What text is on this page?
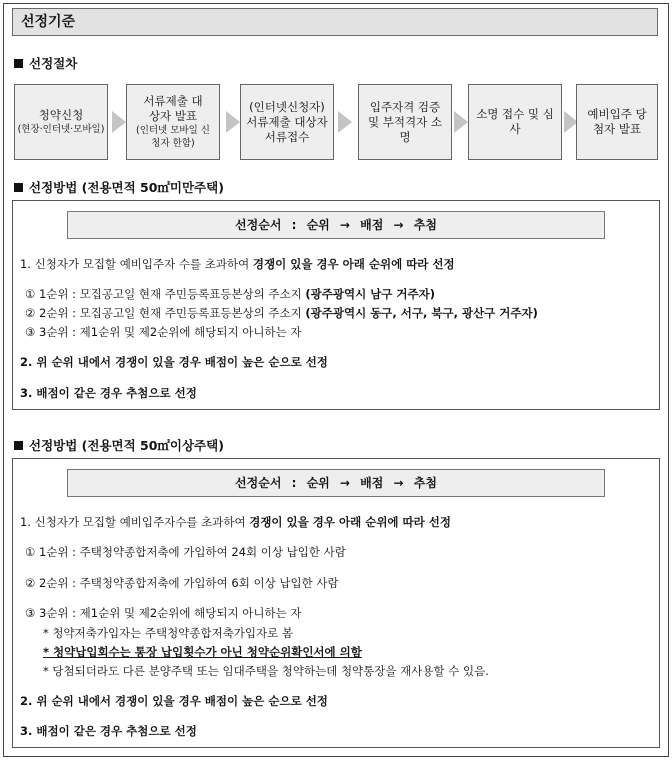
선정기준
선정절차
청약신청
(현장·인터넷·모바일)
서류제출 대상자 발표
(인터넷 모바일 신청자 한함)
(인터넷신청자) 서류제출 대상자 서류접수
입주자격 검증 및 부적격자 소명
소명 접수 및 심사
예비입주 당첨자 발표
선정방법 (전용면적 50㎡미만주택)
선정순서 : 순위 → 배점 → 추첨
1. 신청자가 모집할 예비입주자 수를 초과하여 경쟁이 있을 경우 아래 순위에 따라 선정
① 1순위 : 모집공고일 현재 주민등록표등본상의 주소지 (광주광역시 남구 거주자)
② 2순위 : 모집공고일 현재 주민등록표등본상의 주소지 (광주광역시 동구, 서구, 북구, 광산구 거주자)
③ 3순위 : 제1순위 및 제2순위에 해당되지 아니하는 자
2. 위 순위 내에서 경쟁이 있을 경우 배점이 높은 순으로 선정
3. 배점이 같은 경우 추첨으로 선정
선정방법 (전용면적 50㎡이상주택)
선정순서 : 순위 → 배점 → 추첨
1. 신청자가 모집할 예비입주자수를 초과하여 경쟁이 있을 경우 아래 순위에 따라 선정
① 1순위 : 주택청약종합저축에 가입하여 24회 이상 납입한 사람
② 2순위 : 주택청약종합저축에 가입하여 6회 이상 납입한 사람
③ 3순위 : 제1순위 및 제2순위에 해당되지 아니하는 자
* 청약저축가입자는 주택청약종합저축가입자로 봄
* 청약납입회수는 통장 납입횟수가 아닌 청약순위확인서에 의함
* 당첨되더라도 다른 분양주택 또는 임대주택을 청약하는데 청약통장을 재사용할 수 있음.
2. 위 순위 내에서 경쟁이 있을 경우 배점이 높은 순으로 선정
3. 배점이 같은 경우 추첨으로 선정
